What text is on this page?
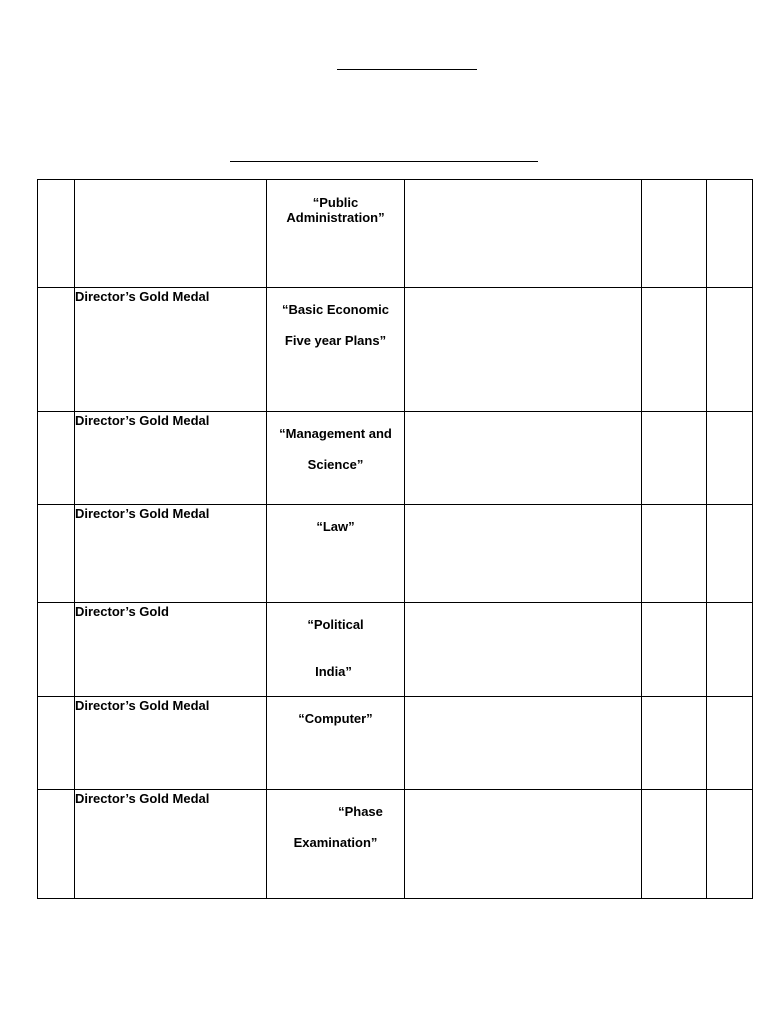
		“Public
Administration”			

	Director’s Gold Medal	“Basic Economic
Five year Plans”			

	Director’s Gold Medal	“Management and
Science”			

	Director’s Gold Medal	“Law”			

	Director’s Gold	“Political
India”			

	Director’s Gold Medal	“Computer”			

	Director’s Gold Medal	“Phase
Examination”			
